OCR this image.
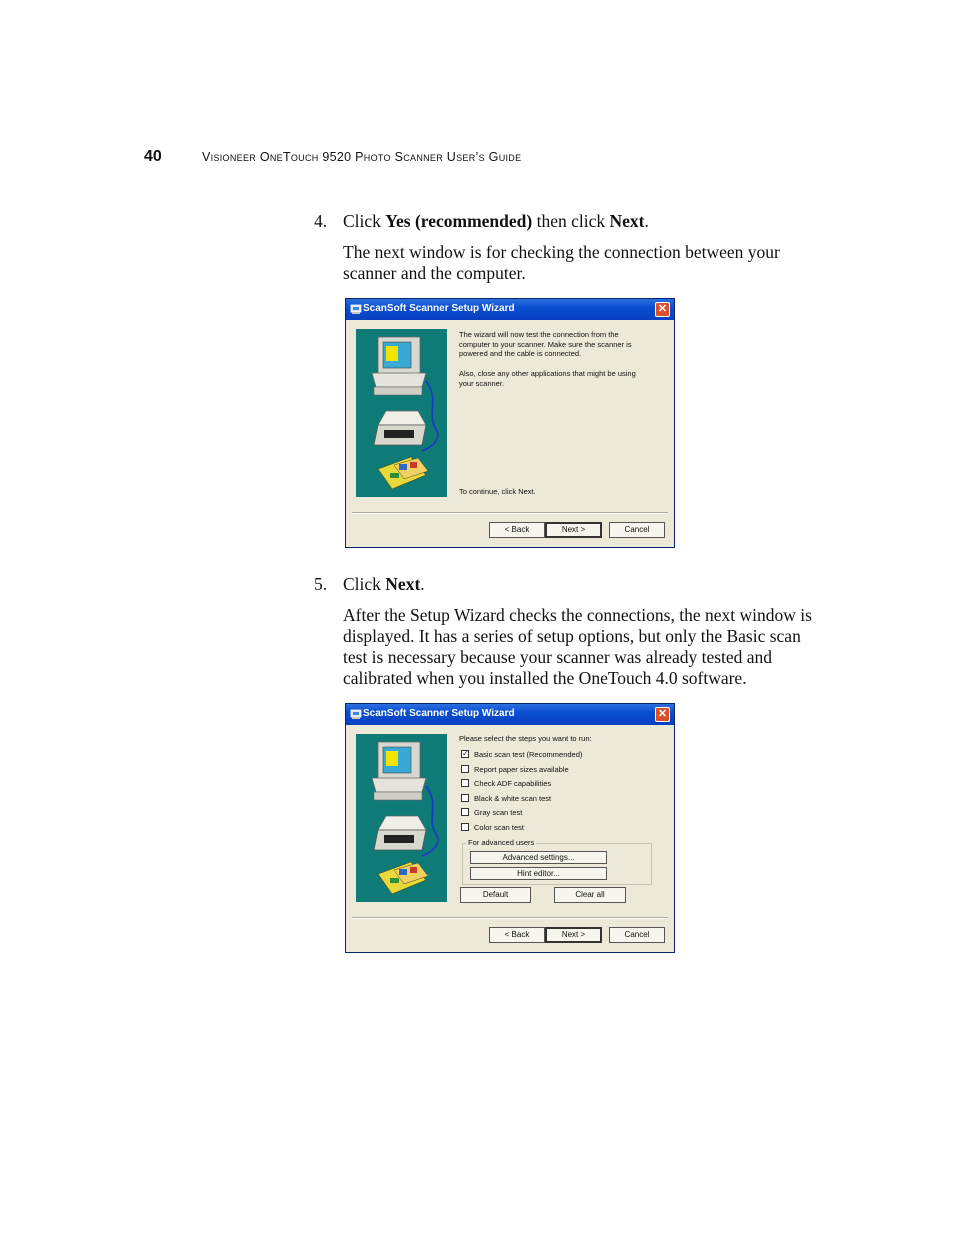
40	Visioneer OneTouch 9520 Photo Scanner User’s Guide
4. Click Yes (recommended) then click Next.
The next window is for checking the connection between your
scanner and the computer.
ScanSoft Scanner Setup Wizard	✕
The wizard will now test the connection from the
computer to your scanner. Make sure the scanner is
powered and the cable is connected.
Also, close any other applications that might be using
your scanner.
To continue, click Next.
< Back	Next >	Cancel
5. Click Next.
After the Setup Wizard checks the connections, the next window is
displayed. It has a series of setup options, but only the Basic scan
test is necessary because your scanner was already tested and
calibrated when you installed the OneTouch 4.0 software.
ScanSoft Scanner Setup Wizard	✕
Please select the steps you want to run:
✓ Basic scan test (Recommended)
Report paper sizes available
Check ADF capabilities
Black & white scan test
Gray scan test
Color scan test
For advanced users
Advanced settings...
Hint editor...
Default	Clear all
< Back	Next >	Cancel
